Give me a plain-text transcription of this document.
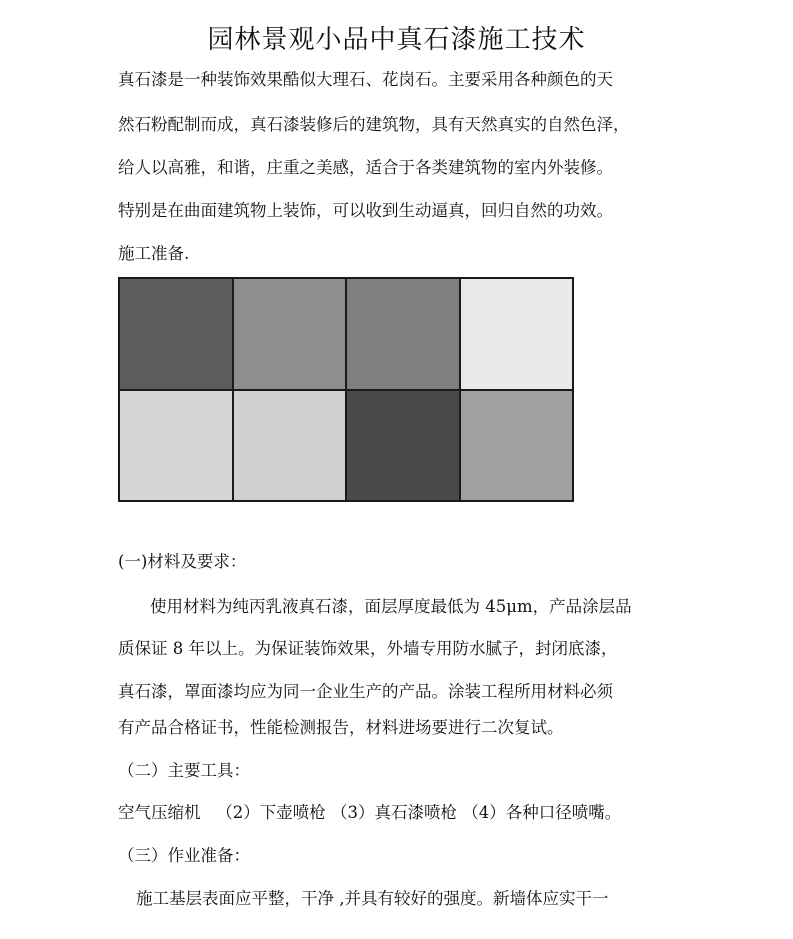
园林景观小品中真石漆施工技术
真石漆是一种装饰效果酷似大理石、花岗石。主要采用各种颜色的天
然石粉配制而成，真石漆装修后的建筑物，具有天然真实的自然色泽，
给人以高雅，和谐，庄重之美感，适合于各类建筑物的室内外装修。
特别是在曲面建筑物上装饰，可以收到生动逼真，回归自然的功效。
施工准备.
(一)材料及要求：
使用材料为纯丙乳液真石漆，面层厚度最低为 45μm，产品涂层品
质保证 8 年以上。为保证装饰效果，外墙专用防水腻子，封闭底漆，
真石漆，罩面漆均应为同一企业生产的产品。涂装工程所用材料必须
有产品合格证书，性能检测报告，材料进场要进行二次复试。
（二）主要工具：
空气压缩机   （2）下壶喷枪 （3）真石漆喷枪 （4）各种口径喷嘴。
（三）作业准备：
施工基层表面应平整，干净 ,并具有较好的强度。新墙体应实干一
